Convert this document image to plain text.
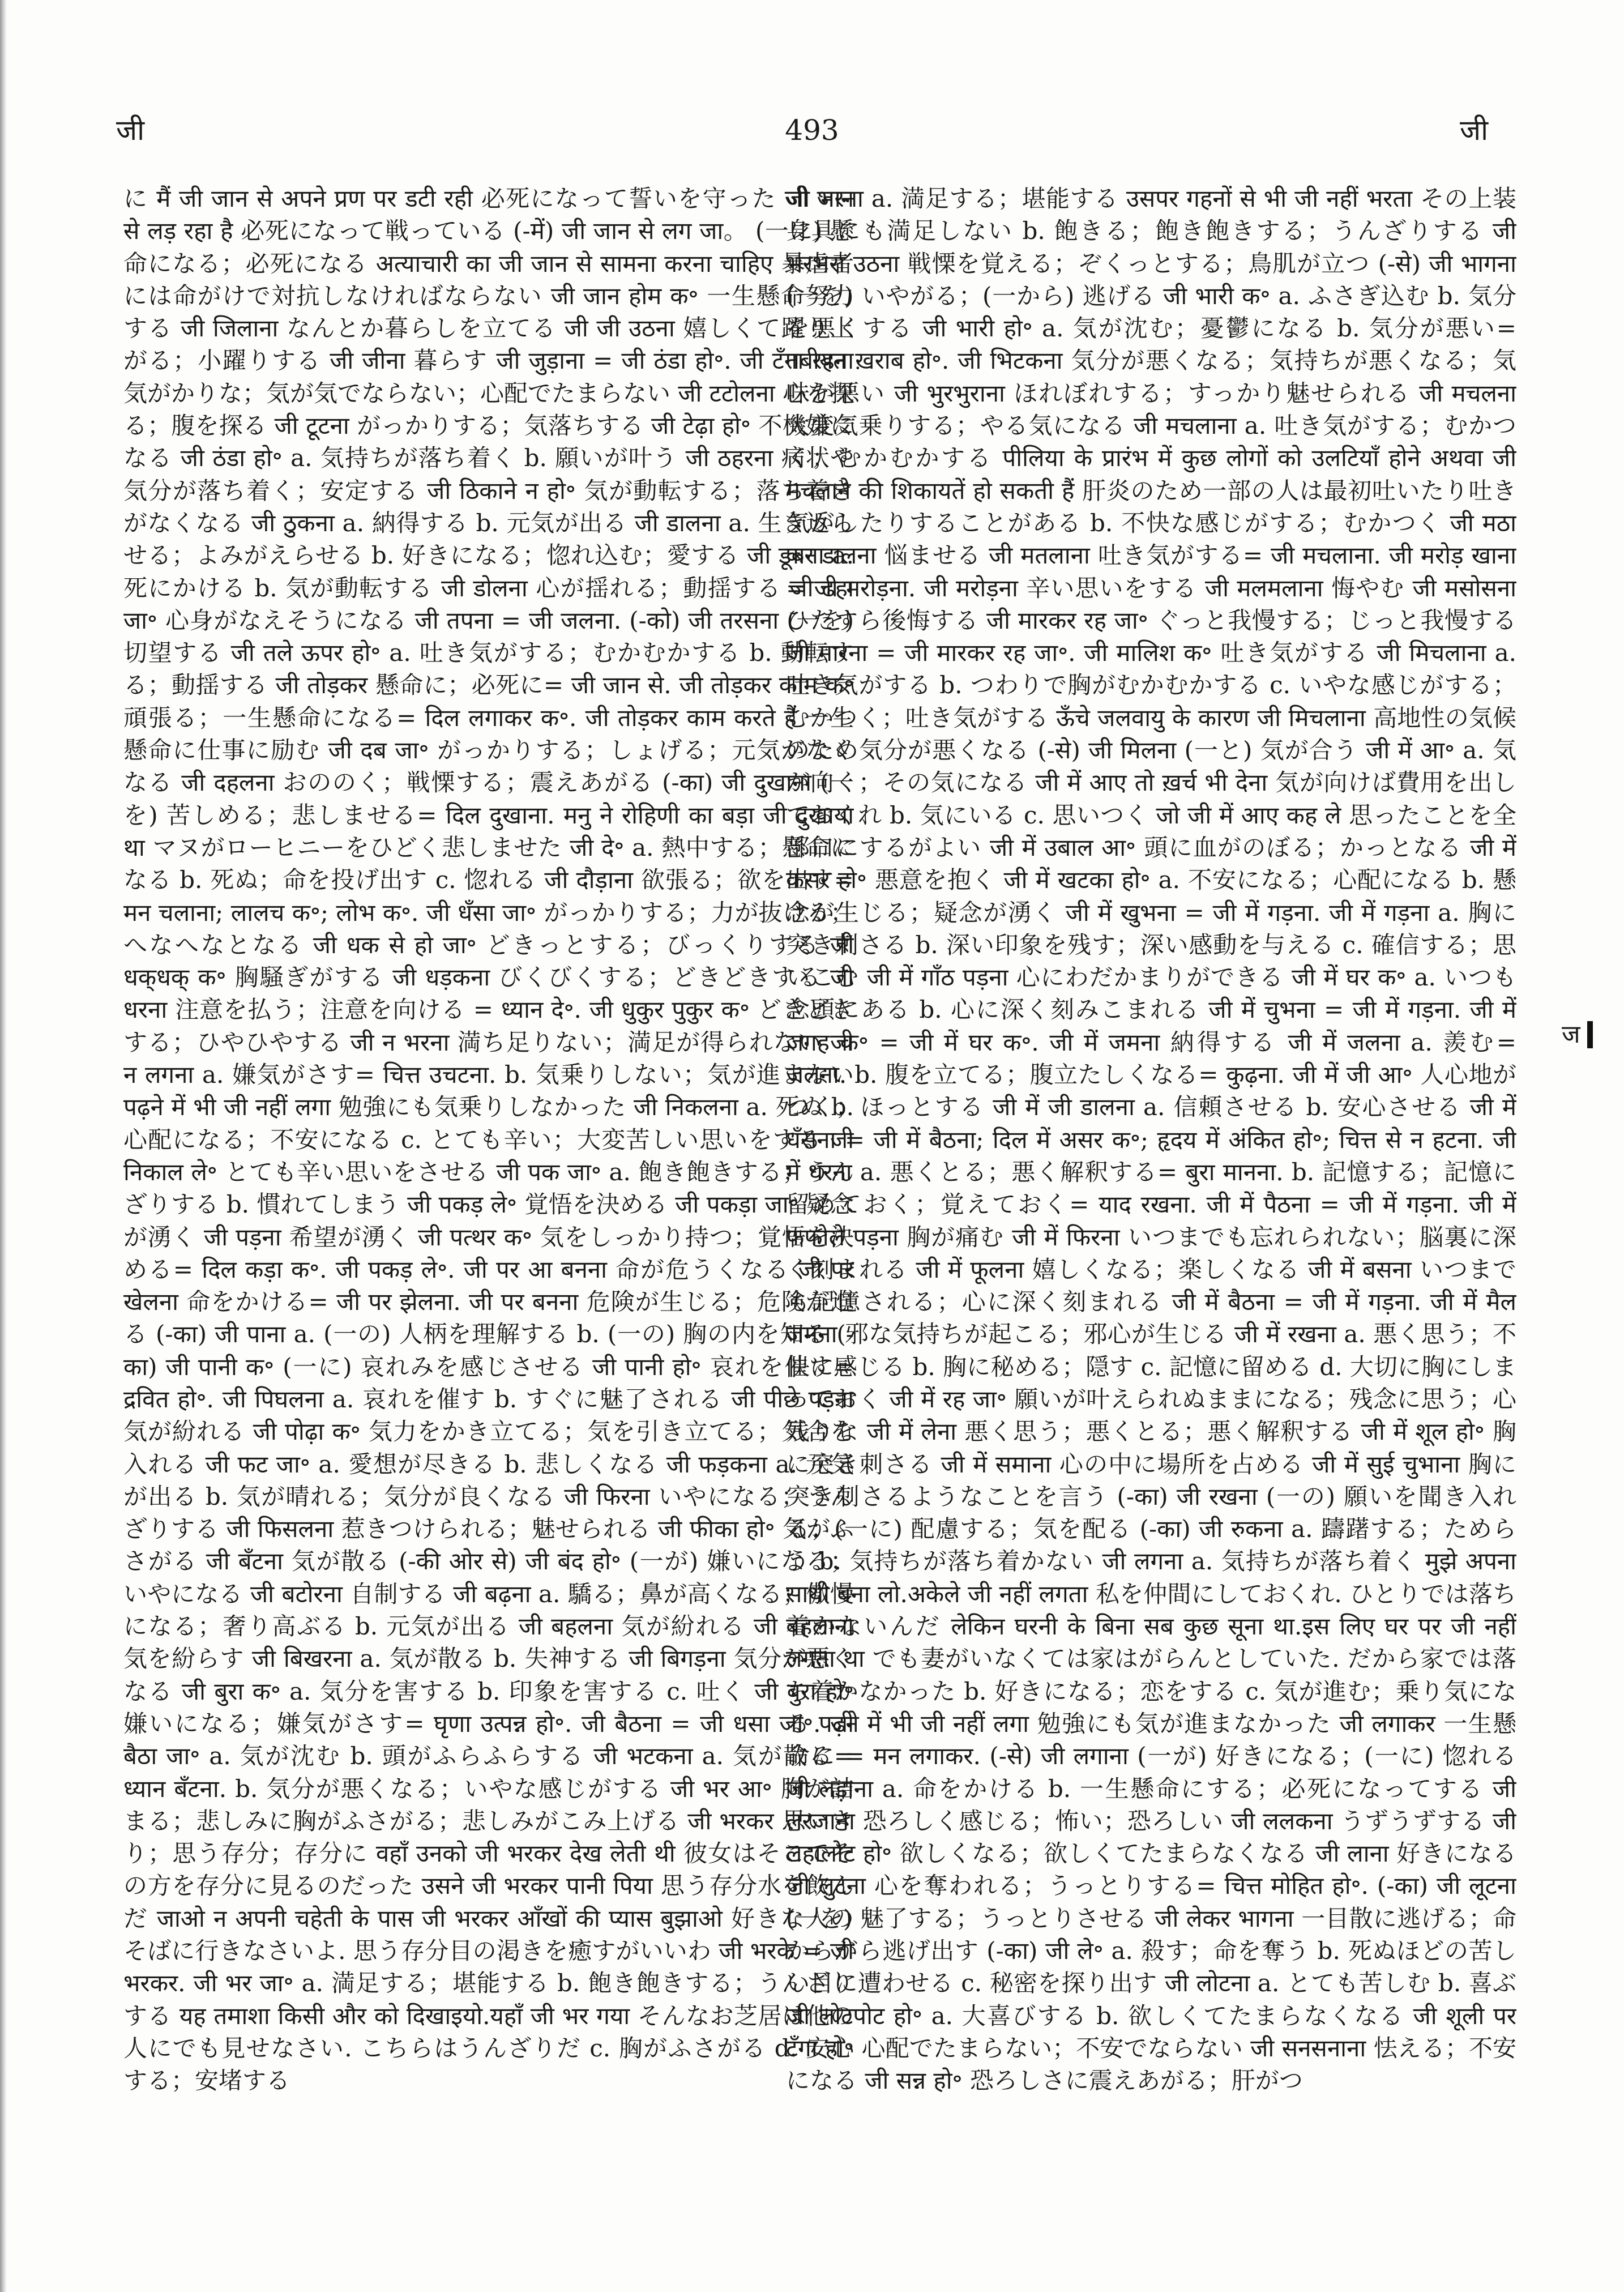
जी	493	जी

に मैं जी जान से अपने प्रण पर डटी रही 必死になって誓いを守った जी जान से लड़ रहा है 必死になって戦っている (-में) जी जान से लग जा。 (一に) 懸命になる；必死になる अत्याचारी का जी जान से सामना करना चाहिए 暴虐者には命がけで対抗しなければならない जी जान होम क॰ 一生懸命努力する जी जिलाना なんとか暮らしを立てる जी जी उठना 嬉しくて躍り上がる；小躍りする जी जीना 暮らす जी जुड़ाना = जी ठंडा हो॰. जी टँगा रहना 気がかりな；気が気でならない；心配でたまらない जी टटोलना 心を探る；腹を探る जी टूटना がっかりする；気落ちする जी टेढ़ा हो॰ 不機嫌になる जी ठंडा हो॰ a. 気持ちが落ち着く b. 願いが叶う जी ठहरना 病状や気分が落ち着く；安定する जी ठिकाने न हो॰ 気が動転する；落ち着きがなくなる जी ठुकना a. 納得する b. 元気が出る जी डालना a. 生き返らせる；よみがえらせる b. 好きになる；惚れ込む；愛する जी डूबना a. 死にかける b. 気が動転する जी डोलना 心が揺れる；動揺する जी ढहा जा॰ 心身がなえそうになる जी तपना = जी जलना. (-को) जी तरसना (一を) 切望する जी तले ऊपर हो॰ a. 吐き気がする；むかむかする b. 動転する；動揺する जी तोड़कर 懸命に；必死に= जी जान से. जी तोड़कर काम क॰ 頑張る；一生懸命になる= दिल लगाकर क॰. जी तोड़कर काम करते हैं 一生懸命に仕事に励む जी दब जा॰ がっかりする；しょげる；元気がなくなる जी दहलना おののく；戦慄する；震えあがる (-का) जी दुखाना (一を) 苦しめる；悲しませる= दिल दुखाना. मनु ने रोहिणी का बड़ा जी दुखाया था マヌがローヒニーをひどく悲しませた जी दे॰ a. 熱中する；懸命になる b. 死ぬ；命を投げ出す c. 惚れる जी दौड़ाना 欲張る；欲を出す= मन चलाना; लालच क॰; लोभ क॰. जी धँसा जा॰ がっかりする；力が抜ける；へなへなとなる जी धक से हो जा॰ どきっとする；びっくりする जी धक्‌धक् क॰ 胸騒ぎがする जी धड़कना びくびくする；どきどきする जी धरना 注意を払う；注意を向ける = ध्यान दे॰. जी धुकुर पुकुर क॰ どきどきする；ひやひやする जी न भरना 満ち足りない；満足が得られない जी न लगना a. 嫌気がさす= चित्त उचटना. b. 気乗りしない；気が進まない पढ़ने में भी जी नहीं लगा 勉強にも気乗りしなかった जी निकलना a. 死ぬ b. 心配になる；不安になる c. とても辛い；大変苦しい思いをする जी निकाल ले॰ とても辛い思いをさせる जी पक जा॰ a. 飽き飽きする；うんざりする b. 慣れてしまう जी पकड़ ले॰ 覚悟を決める जी पकड़ा जा॰ 疑念が湧く जी पड़ना 希望が湧く जी पत्थर क॰ 気をしっかり持つ；覚悟を決める= दिल कड़ा क॰. जी पकड़ ले॰. जी पर आ बनना 命が危うくなる जी पर खेलना 命をかける= जी पर झेलना. जी पर बनना 危険が生じる；危険が迫る (-का) जी पाना a. (一の) 人柄を理解する b. (一の) 胸の内を知る (-का) जी पानी क॰ (一に) 哀れみを感じさせる जी पानी हो॰ 哀れを催す= द्रवित हो॰. जी पिघलना a. 哀れを催す b. すぐに魅了される जी पीछे पड़ना 気が紛れる जी पोढ़ा क॰ 気力をかき立てる；気を引き立てる；気合を入れる जी फट जा॰ a. 愛想が尽きる b. 悲しくなる जी फड़कना a. 元気が出る b. 気が晴れる；気分が良くなる जी फिरना いやになる；うんざりする जी फिसलना 惹きつけられる；魅せられる जी फीका हो॰ 気がふさがる जी बँटना 気が散る (-की ओर से) जी बंद हो॰ (一が) 嫌いになる；いやになる जी बटोरना 自制する जी बढ़ना a. 驕る；鼻が高くなる；傲慢になる；奢り高ぶる b. 元気が出る जी बहलना 気が紛れる जी बहलाना 気を紛らす जी बिखरना a. 気が散る b. 失神する जी बिगड़ना 気分が悪くなる जी बुरा क॰ a. 気分を害する b. 印象を害する c. 吐く जी बुरा हो॰ 嫌いになる；嫌気がさす= घृणा उत्पन्न हो॰. जी बैठना = जी धसा जा॰. जी बैठा जा॰ a. 気が沈む b. 頭がふらふらする जी भटकना a. 気が散る= ध्यान बँटना. b. 気分が悪くなる；いやな感じがする जी भर आ॰ 胸が詰まる；悲しみに胸がふさがる；悲しみがこみ上げる जी भरकर 思いきり；思う存分；存分に वहाँ उनको जी भरकर देख लेती थी 彼女はそこでその方を存分に見るのだった उसने जी भरकर पानी पिया 思う存分水を飲んだ जाओ न अपनी चहेती के पास जी भरकर आँखों की प्यास बुझाओ 好きな人のそばに行きなさいよ. 思う存分目の渇きを癒すがいいわ जी भरके = जी भरकर. जी भर जा॰ a. 満足する；堪能する b. 飽き飽きする；うんざりする यह तमाशा किसी और को दिखाइयो.यहाँ जी भर गया そんなお芝居は他の人にでも見せなさい. こちらはうんざりだ c. 胸がふさがる d. 安心する；安堵する

जी भरना a. 満足する；堪能する उसपर गहनों से भी जी नहीं भरता その上装身具にも満足しない b. 飽きる；飽き飽きする；うんざりする जी भरभरा उठना 戦慄を覚える；ぞくっとする；鳥肌が立つ (-से) जी भागना (一を) いやがる；(一から) 逃げる जी भारी क॰ a. ふさぎ込む b. 気分を悪くする जी भारी हो॰ a. 気が沈む；憂鬱になる b. 気分が悪い= तबीयत ख़राब हो॰. जी भिटकना 気分が悪くなる；気持ちが悪くなる；気味が悪い जी भुरभुराना ほれぼれする；すっかり魅せられる जी मचलना 大変気乗りする；やる気になる जी मचलाना a. 吐き気がする；むかつく；むかむかする पीलिया के प्रारंभ में कुछ लोगों को उलटियाँ होने अथवा जी मचलाने की शिकायतें हो सकती हैं 肝炎のため一部の人は最初吐いたり吐き気がしたりすることがある b. 不快な感じがする；むかつく जी मठा कर डालना 悩ませる जी मतलाना 吐き気がする= जी मचलाना. जी मरोड़ खाना = जी मरोड़ना. जी मरोड़ना 辛い思いをする जी मलमलाना 悔やむ जी मसोसना ひたすら後悔する जी मारकर रह जा॰ ぐっと我慢する；じっと我慢する जी मारना = जी मारकर रह जा॰. जी मालिश क॰ 吐き気がする जी मिचलाना a. 吐き気がする b. つわりで胸がむかむかする c. いやな感じがする；むかつく；吐き気がする ऊँचे जलवायु के कारण जी मिचलाना 高地性の気候のため気分が悪くなる (-से) जी मिलना (一と) 気が合う जी में आ॰ a. 気が向く；その気になる जी में आए तो ख़र्च भी देना 気が向けば費用を出しておくれ b. 気にいる c. 思いつく जो जी में आए कह ले 思ったことを全部口にするがよい जी में उबाल आ॰ 頭に血がのぼる；かっとなる जी में कसर हो॰ 悪意を抱く जी में खटका हो॰ a. 不安になる；心配になる b. 懸念が生じる；疑念が湧く जी में खुभना = जी में गड़ना. जी में गड़ना a. 胸に突き刺さる b. 深い印象を残す；深い感動を与える c. 確信する；思いこむ जी में गाँठ पड़ना 心にわだかまりができる जी में घर क॰ a. いつも念頭にある b. 心に深く刻みこまれる जी में चुभना = जी में गड़ना. जी में जगह क॰ = जी में घर क॰. जी में जमना 納得する जी में जलना a. 羨む= जलना. b. 腹を立てる；腹立たしくなる= कुढ़ना. जी में जी आ॰ 人心地がつく；ほっとする जी में जी डालना a. 信頼させる b. 安心させる जी में धँसना = जी में बैठना; दिल में असर क॰; हृदय में अंकित हो॰; चित्त से न हटना. जी में धरना a. 悪くとる；悪く解釈する= बुरा मानना. b. 記憶する；記憶に留めておく；覚えておく= याद रखना. जी में पैठना = जी में गड़ना. जी में फफोले पड़ना 胸が痛む जी में फिरना いつまでも忘れられない；脳裏に深く刻まれる जी में फूलना 嬉しくなる；楽しくなる जी में बसना いつまでも記憶される；心に深く刻まれる जी में बैठना = जी में गड़ना. जी में मैल जमना 邪な気持ちが起こる；邪心が生じる जी में रखना a. 悪く思う；不快に感じる b. 胸に秘める；隠す c. 記憶に留める d. 大切に胸にしまっておく जी में रह जा॰ 願いが叶えられぬままになる；残念に思う；心残りな जी में लेना 悪く思う；悪くとる；悪く解釈する जी में शूल हो॰ 胸に突き刺さる जी में समाना 心の中に場所を占める जी में सुई चुभाना 胸に突き刺さるようなことを言う (-का) जी रखना (一の) 願いを聞き入れる；(一に) 配慮する；気を配る (-का) जी रुकना a. 躊躇する；ためらう b. 気持ちが落ち着かない जी लगना a. 気持ちが落ち着く मुझे अपना साथी बना लो.अकेले जी नहीं लगता 私を仲間にしておくれ. ひとりでは落ち着かないんだ लेकिन घरनी के बिना सब कुछ सूना था.इस लिए घर पर जी नहीं लगता था でも妻がいなくては家はがらんとしていた. だから家では落ち着かなかった b. 好きになる；恋をする c. 気が進む；乗り気になる पढ़ने में भी जी नहीं लगा 勉強にも気が進まなかった जी लगाकर 一生懸命に = मन लगाकर. (-से) जी लगाना (一が) 好きになる；(一に) 惚れる जी लड़ाना a. 命をかける b. 一生懸命にする；必死になってする जी लरजाना 恐ろしく感じる；怖い；恐ろしい जी ललकना うずうずする जी लहालोट हो॰ 欲しくなる；欲しくてたまらなくなる जी लाना 好きになる जी लुटना 心を奪われる；うっとりする= चित्त मोहित हो॰. (-का) जी लूटना (一を) 魅了する；うっとりさせる जी लेकर भागना 一目散に逃げる；命からがら逃げ出す (-का) जी ले॰ a. 殺す；命を奪う b. 死ぬほどの苦しい目に遭わせる c. 秘密を探り出す जी लोटना a. とても苦しむ b. 喜ぶ जी लोटपोट हो॰ a. 大喜びする b. 欲しくてたまらなくなる जी शूली पर टँगा हो॰ 心配でたまらない；不安でならない जी सनसनाना 怯える；不安になる जी सन्न हो॰ 恐ろしさに震えあがる；肝がつ

ज
